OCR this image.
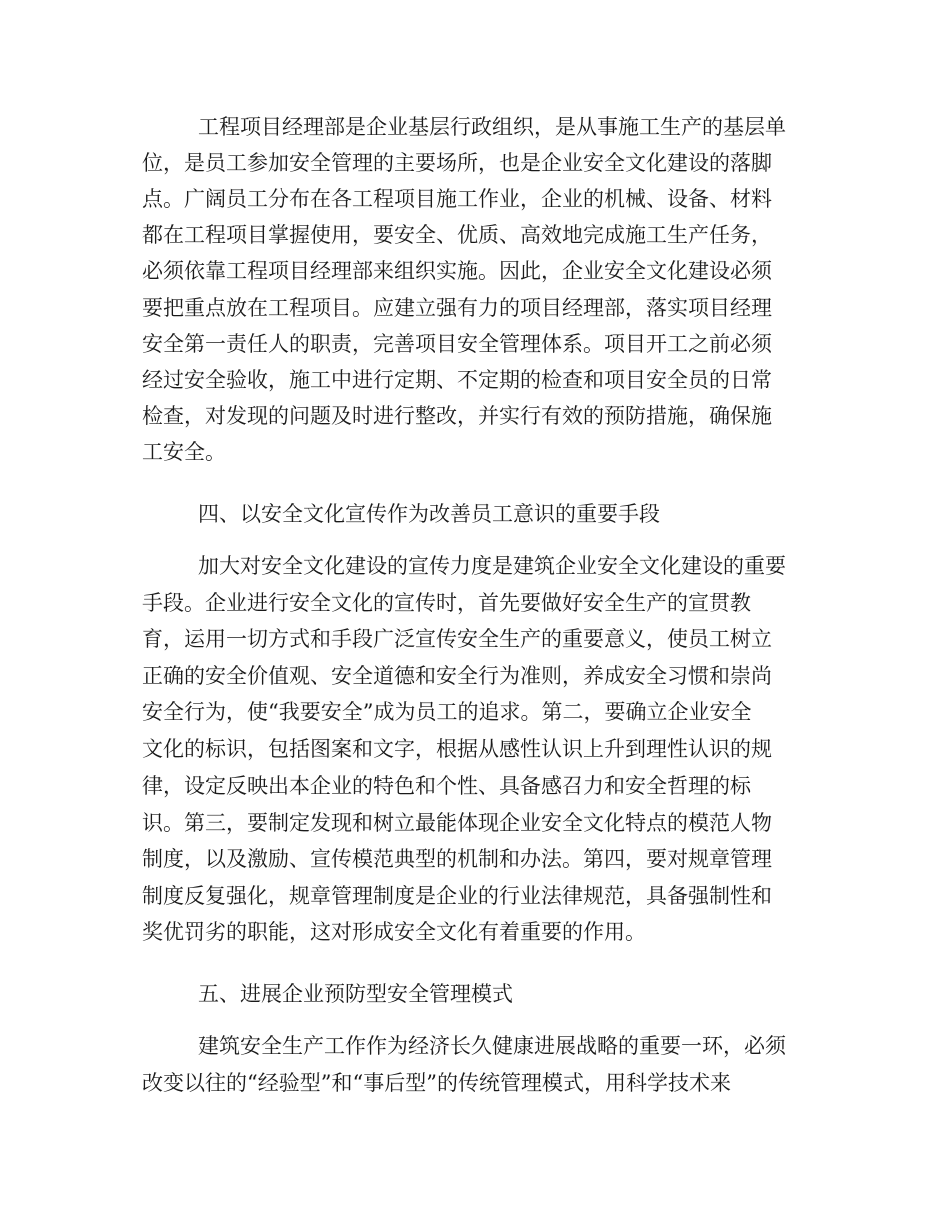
工程项目经理部是企业基层行政组织，是从事施工生产的基层单
位，是员工参加安全管理的主要场所，也是企业安全文化建设的落脚
点。广阔员工分布在各工程项目施工作业，企业的机械、设备、材料
都在工程项目掌握使用，要安全、优质、高效地完成施工生产任务，
必须依靠工程项目经理部来组织实施。因此，企业安全文化建设必须
要把重点放在工程项目。应建立强有力的项目经理部，落实项目经理
安全第一责任人的职责，完善项目安全管理体系。项目开工之前必须
经过安全验收，施工中进行定期、不定期的检查和项目安全员的日常
检查，对发现的问题及时进行整改，并实行有效的预防措施，确保施
工安全。
四、以安全文化宣传作为改善员工意识的重要手段
加大对安全文化建设的宣传力度是建筑企业安全文化建设的重要
手段。企业进行安全文化的宣传时，首先要做好安全生产的宣贯教
育，运用一切方式和手段广泛宣传安全生产的重要意义，使员工树立
正确的安全价值观、安全道德和安全行为准则，养成安全习惯和崇尚
安全行为，使“我要安全”成为员工的追求。第二，要确立企业安全
文化的标识，包括图案和文字，根据从感性认识上升到理性认识的规
律，设定反映出本企业的特色和个性、具备感召力和安全哲理的标
识。第三，要制定发现和树立最能体现企业安全文化特点的模范人物
制度，以及激励、宣传模范典型的机制和办法。第四，要对规章管理
制度反复强化，规章管理制度是企业的行业法律规范，具备强制性和
奖优罚劣的职能，这对形成安全文化有着重要的作用。
五、进展企业预防型安全管理模式
建筑安全生产工作作为经济长久健康进展战略的重要一环，必须
改变以往的“经验型”和“事后型”的传统管理模式，用科学技术来
